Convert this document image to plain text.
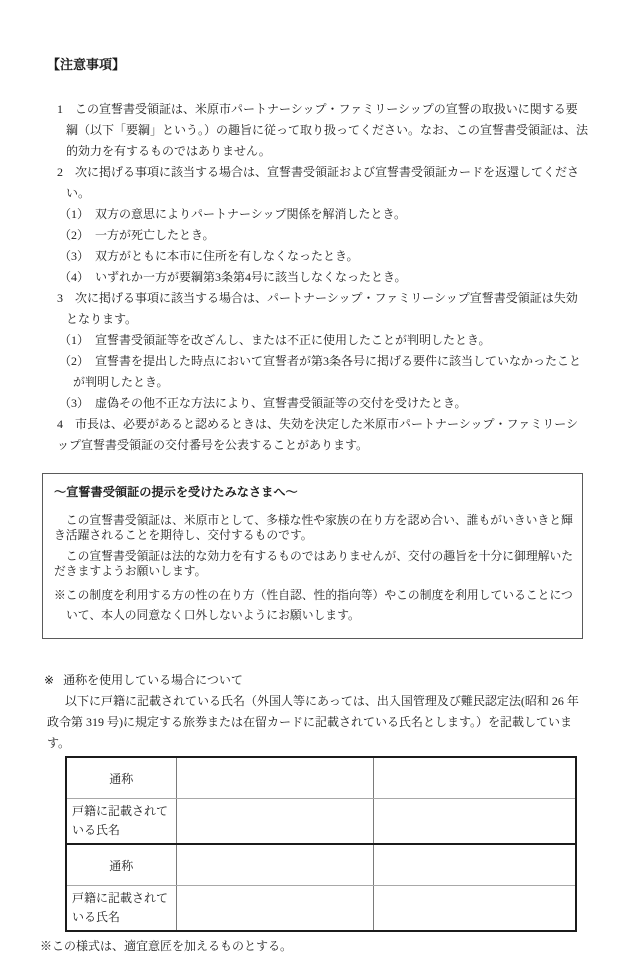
【注意事項】
1 この宣誓書受領証は、米原市パートナーシップ・ファミリーシップの宣誓の取扱いに関する要綱（以下「要綱」という。）の趣旨に従って取り扱ってください。なお、この宣誓書受領証は、法的効力を有するものではありません。
2 次に掲げる事項に該当する場合は、宣誓書受領証および宣誓書受領証カードを返還してください。
（1）　双方の意思によりパートナーシップ関係を解消したとき。
（2）　一方が死亡したとき。
（3）　双方がともに本市に住所を有しなくなったとき。
（4）　いずれか一方が要綱第3条第4号に該当しなくなったとき。
3 次に掲げる事項に該当する場合は、パートナーシップ・ファミリーシップ宣誓書受領証は失効となります。
（1）　宣誓書受領証等を改ざんし、または不正に使用したことが判明したとき。
（2）　宣誓書を提出した時点において宣誓者が第3条各号に掲げる要件に該当していなかったことが判明したとき。
（3）　虚偽その他不正な方法により、宣誓書受領証等の交付を受けたとき。
4 市長は、必要があると認めるときは、失効を決定した米原市パートナーシップ・ファミリーシップ宣誓書受領証の交付番号を公表することがあります。

～宣誓書受領証の提示を受けたみなさまへ～

　この宣誓書受領証は、米原市として、多様な性や家族の在り方を認め合い、誰もがいきいきと輝き活躍されることを期待し、交付するものです。

　この宣誓書受領証は法的な効力を有するものではありませんが、交付の趣旨を十分に御理解いただきますようお願いします。

※この制度を利用する方の性の在り方（性自認、性的指向等）やこの制度を利用していることについて、本人の同意なく口外しないようにお願いします。

※ 通称を使用している場合について
以下に戸籍に記載されている氏名（外国人等にあっては、出入国管理及び難民認定法(昭和 26 年政令第 319 号)に規定する旅券または在留カードに記載されている氏名とします。）を記載しています。
通称		
戸籍に記載されている氏名		
通称		
戸籍に記載されている氏名		
※この様式は、適宜意匠を加えるものとする。
